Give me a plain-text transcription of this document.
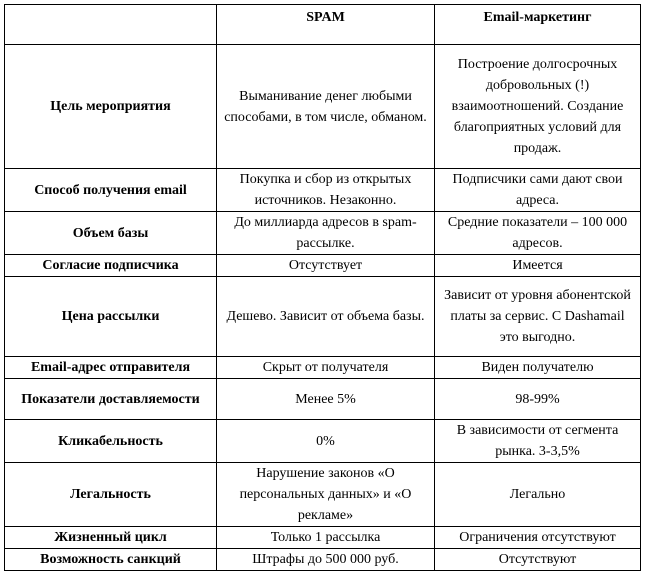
	SPAM	Email-маркетинг
Цель мероприятия	Выманивание денег любыми способами, в том числе, обманом.	Построение долгосрочных добровольных (!) взаимоотношений. Создание благоприятных условий для продаж.
Способ получения email	Покупка и сбор из открытых источников. Незаконно.	Подписчики сами дают свои адреса.
Объем базы	До миллиарда адресов в spam-рассылке.	Средние показатели – 100 000 адресов.
Согласие подписчика	Отсутствует	Имеется
Цена рассылки	Дешево. Зависит от объема базы.	Зависит от уровня абонентской платы за сервис. С Dashamail это выгодно.
Email-адрес отправителя	Скрыт от получателя	Виден получателю
Показатели доставляемости	Менее 5%	98-99%
Кликабельность	0%	В зависимости от сегмента рынка. 3-3,5%
Легальность	Нарушение законов «О персональных данных» и «О рекламе»	Легально
Жизненный цикл	Только 1 рассылка	Ограничения отсутствуют
Возможность санкций	Штрафы до 500 000 руб.	Отсутствуют
